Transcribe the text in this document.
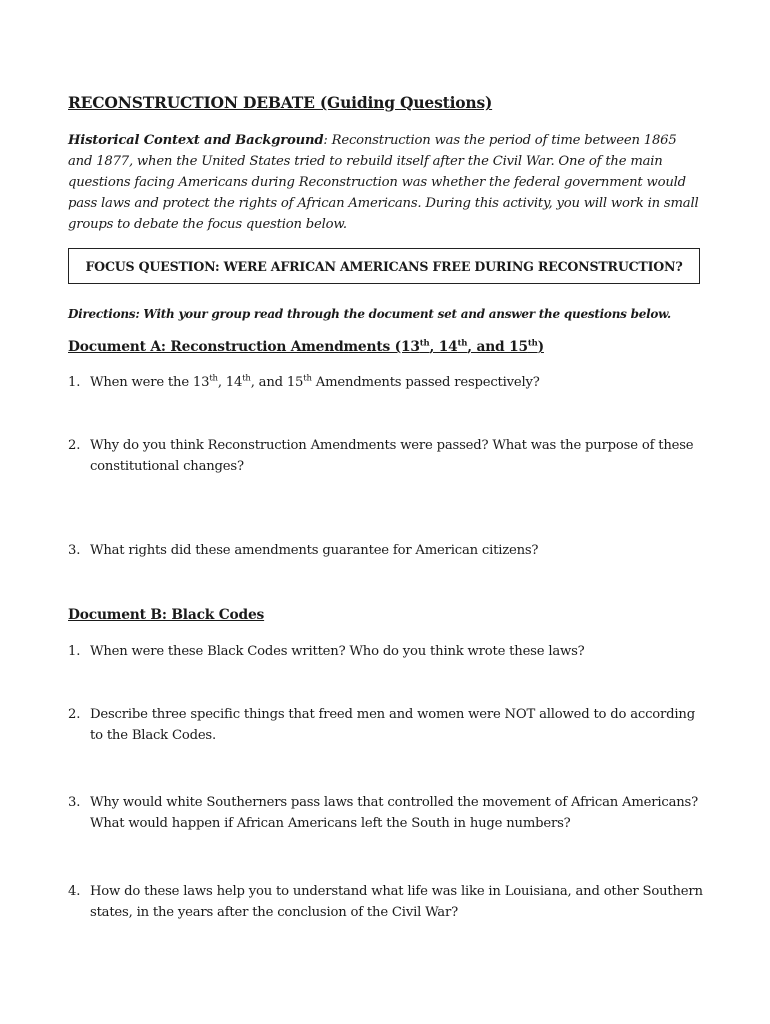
RECONSTRUCTION DEBATE (Guiding Questions)
Historical Context and Background: Reconstruction was the period of time between 1865 and 1877, when the United States tried to rebuild itself after the Civil War. One of the main questions facing Americans during Reconstruction was whether the federal government would pass laws and protect the rights of African Americans. During this activity, you will work in small groups to debate the focus question below.
FOCUS QUESTION: WERE AFRICAN AMERICANS FREE DURING RECONSTRUCTION?
Directions: With your group read through the document set and answer the questions below.
Document A: Reconstruction Amendments (13th, 14th, and 15th)
1. When were the 13th, 14th, and 15th Amendments passed respectively?
2. Why do you think Reconstruction Amendments were passed? What was the purpose of these constitutional changes?
3. What rights did these amendments guarantee for American citizens?
Document B: Black Codes
1. When were these Black Codes written? Who do you think wrote these laws?
2. Describe three specific things that freed men and women were NOT allowed to do according to the Black Codes.
3. Why would white Southerners pass laws that controlled the movement of African Americans? What would happen if African Americans left the South in huge numbers?
4. How do these laws help you to understand what life was like in Louisiana, and other Southern states, in the years after the conclusion of the Civil War?
